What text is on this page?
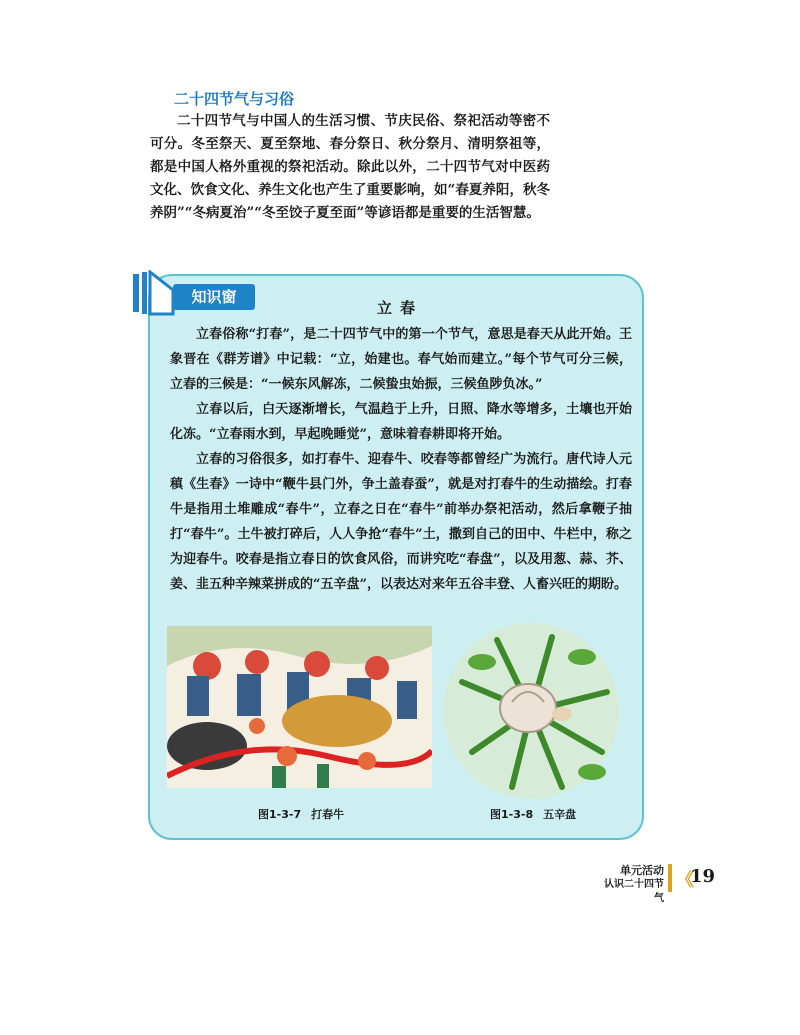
二十四节气与习俗

二十四节气与中国人的生活习惯、节庆民俗、祭祀活动等密不可分。冬至祭天、夏至祭地、春分祭日、秋分祭月、清明祭祖等，都是中国人格外重视的祭祀活动。除此以外，二十四节气对中医药文化、饮食文化、养生文化也产生了重要影响，如“春夏养阳，秋冬养阴”“冬病夏治”“冬至饺子夏至面”等谚语都是重要的生活智慧。

知识窗
立春

立春俗称“打春”，是二十四节气中的第一个节气，意思是春天从此开始。王象晋在《群芳谱》中记载：“立，始建也。春气始而建立。”每个节气可分三候，立春的三候是：“一候东风解冻，二候蛰虫始振，三候鱼陟负冰。”

立春以后，白天逐渐增长，气温趋于上升，日照、降水等增多，土壤也开始化冻。“立春雨水到，早起晚睡觉”，意味着春耕即将开始。

立春的习俗很多，如打春牛、迎春牛、咬春等都曾经广为流行。唐代诗人元稹《生春》一诗中“鞭牛县门外，争土盖春蚕”，就是对打春牛的生动描绘。打春牛是指用土堆雕成“春牛”，立春之日在“春牛”前举办祭祀活动，然后拿鞭子抽打“春牛”。土牛被打碎后，人人争抢“春牛”土，撒到自己的田中、牛栏中，称之为迎春牛。咬春是指立春日的饮食风俗，而讲究吃“春盘”，以及用葱、蒜、芥、姜、韭五种辛辣菜拼成的“五辛盘”，以表达对来年五谷丰登、人畜兴旺的期盼。

图1-3-7 打春牛	图1-3-8 五辛盘
单元活动
认识二十四节气
《
19
